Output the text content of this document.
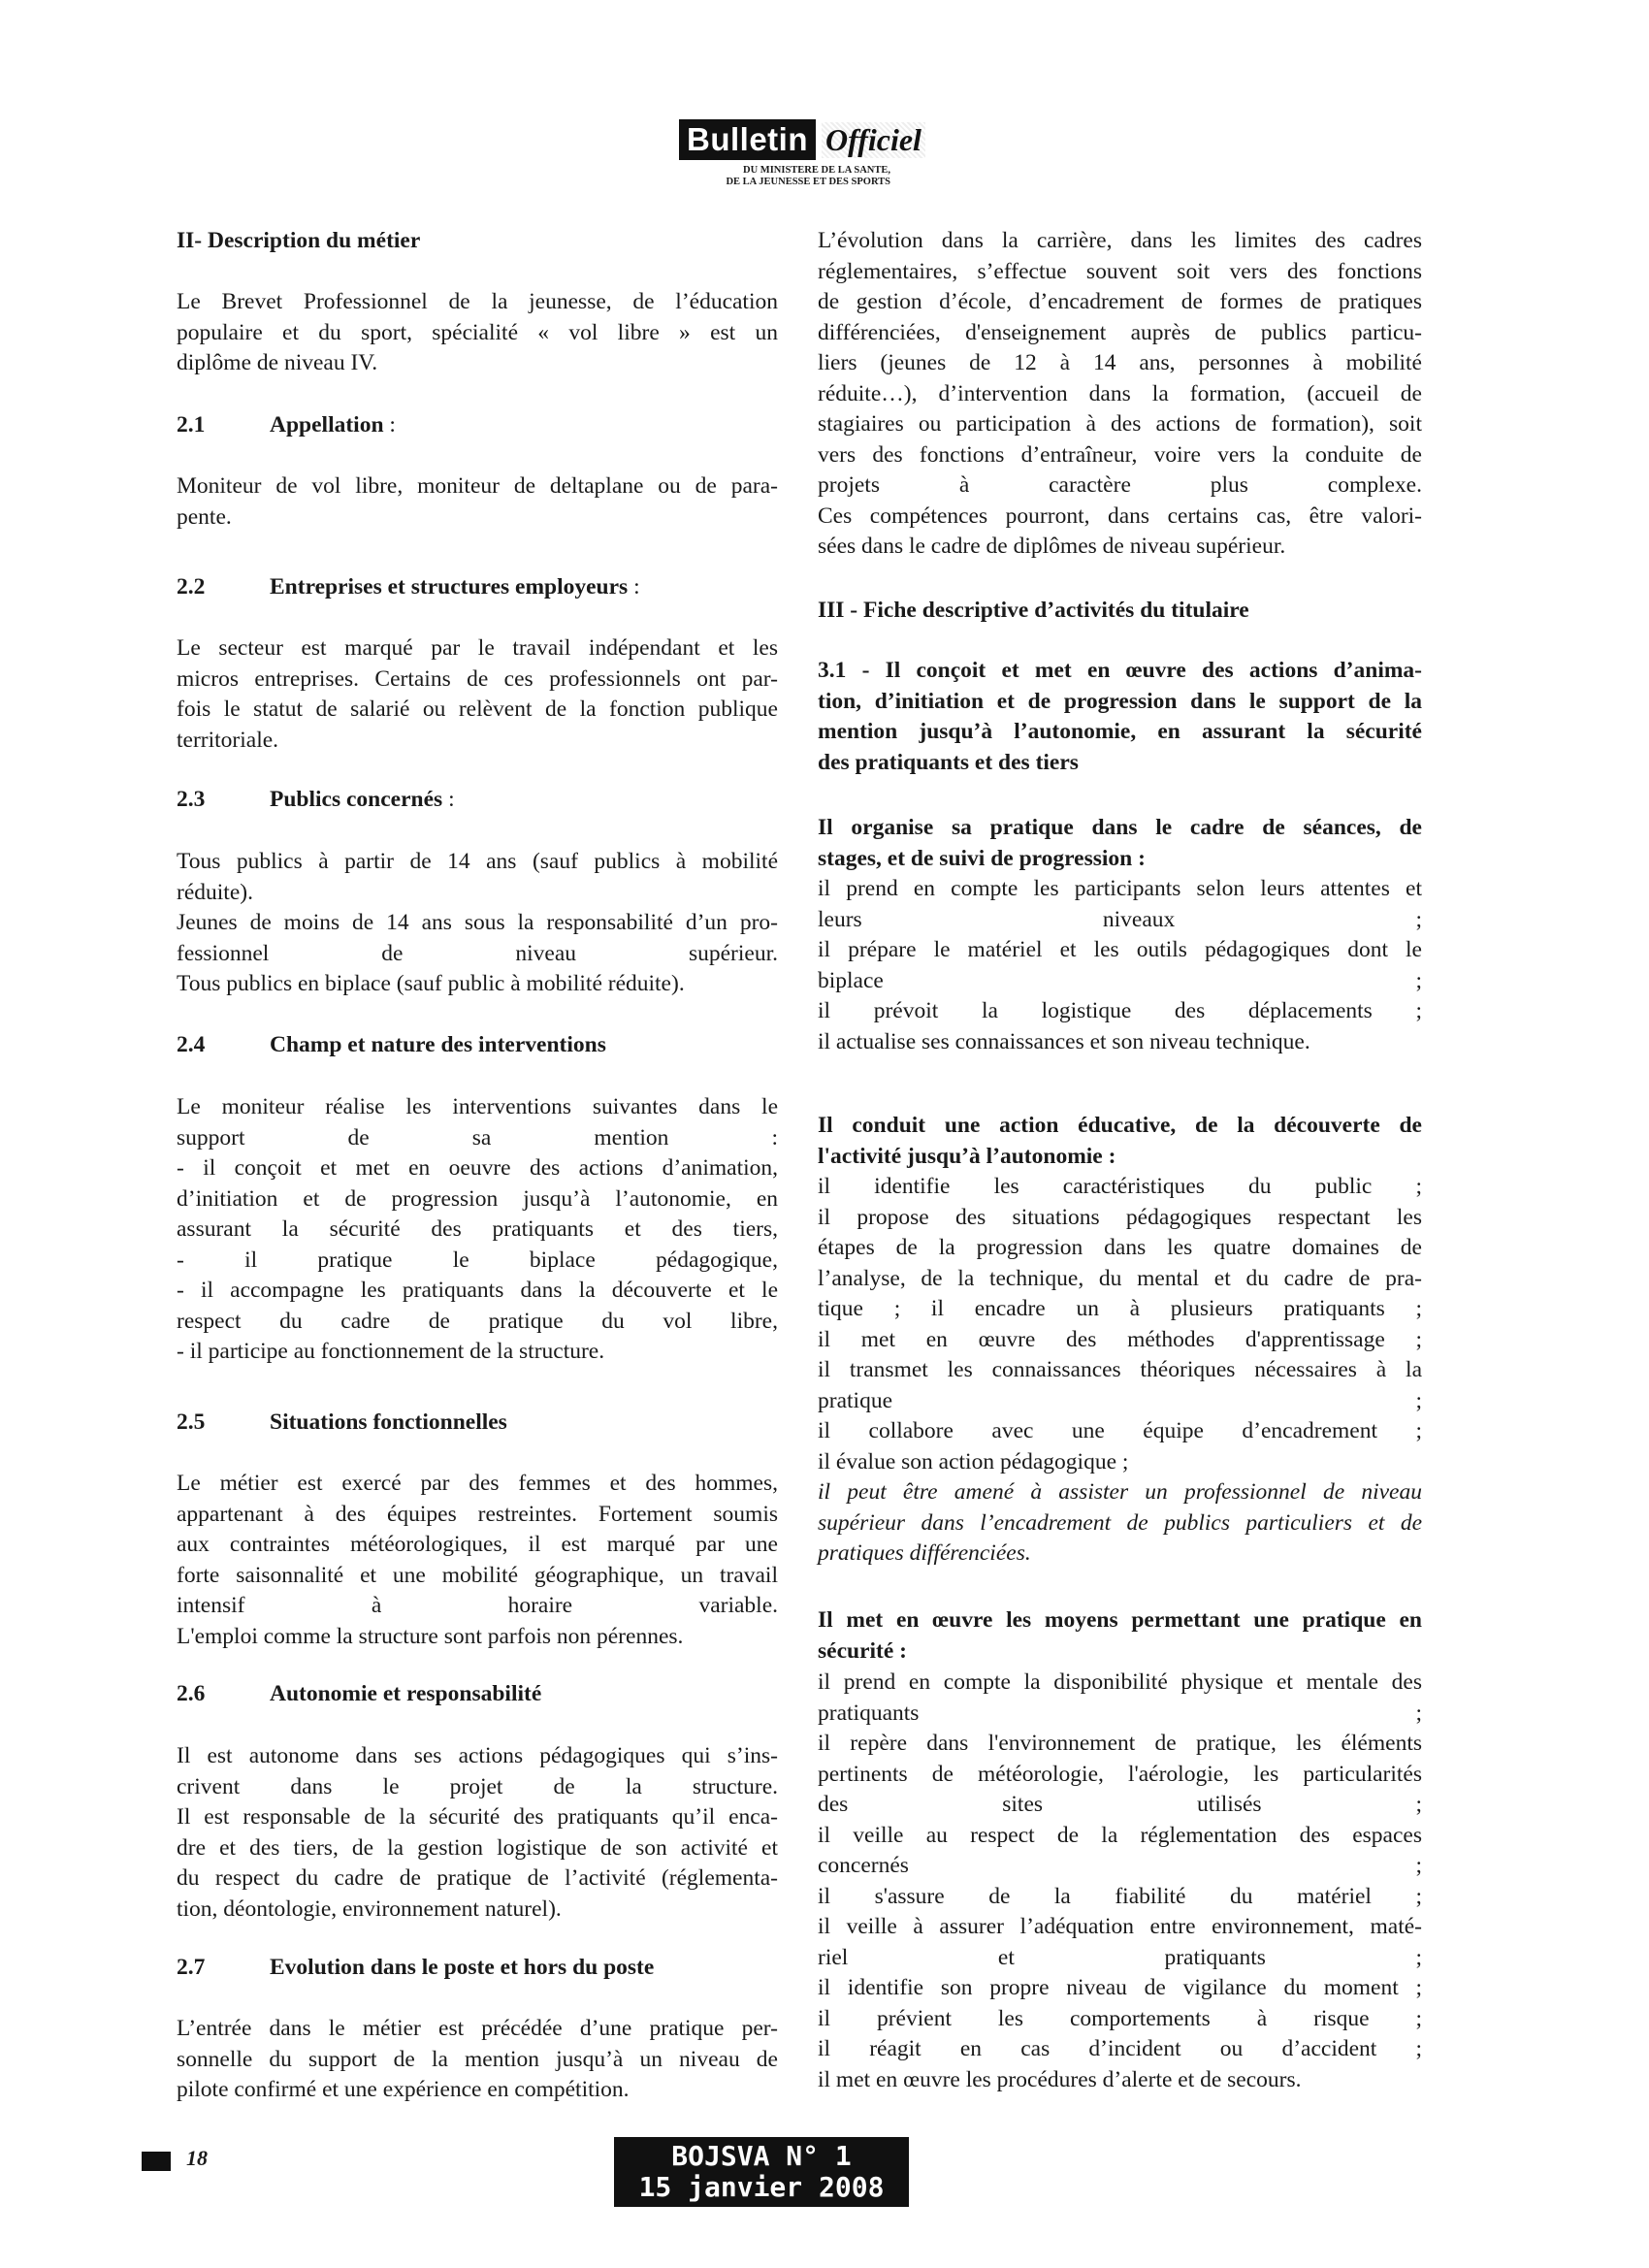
Bulletin Officiel
DU MINISTERE DE LA SANTE,
DE LA JEUNESSE ET DES SPORTS
II- Description du métier
Le Brevet Professionnel de la jeunesse, de l’éducation
populaire et du sport, spécialité « vol libre » est un
diplôme de niveau IV.
2.1	Appellation :
Moniteur de vol libre, moniteur de deltaplane ou de para-
pente.
2.2	Entreprises et structures employeurs :
Le secteur est marqué par le travail indépendant et les
micros entreprises. Certains de ces professionnels ont par-
fois le statut de salarié ou relèvent de la fonction publique
territoriale.
2.3	Publics concernés :
Tous publics à partir de 14 ans (sauf publics à mobilité
réduite).
Jeunes de moins de 14 ans sous la responsabilité d’un pro-
fessionnel de niveau supérieur.
Tous publics en biplace (sauf public à mobilité réduite).
2.4	Champ et nature des interventions
Le moniteur réalise les interventions suivantes dans le
support de sa mention :
- il conçoit et met en oeuvre des actions d’animation,
d’initiation et de progression jusqu’à l’autonomie, en
assurant la sécurité des pratiquants et des tiers,
- il pratique le biplace pédagogique,
- il accompagne les pratiquants dans la découverte et le
respect du cadre de pratique du vol libre,
- il participe au fonctionnement de la structure.
2.5	Situations fonctionnelles
Le métier est exercé par des femmes et des hommes,
appartenant à des équipes restreintes. Fortement soumis
aux contraintes météorologiques, il est marqué par une
forte saisonnalité et une mobilité géographique, un travail
intensif à horaire variable.
L'emploi comme la structure sont parfois non pérennes.
2.6	Autonomie et responsabilité
Il est autonome dans ses actions pédagogiques qui s’ins-
crivent dans le projet de la structure.
Il est responsable de la sécurité des pratiquants qu’il enca-
dre et des tiers, de la gestion logistique de son activité et
du respect du cadre de pratique de l’activité (réglementa-
tion, déontologie, environnement naturel).
2.7	Evolution dans le poste et hors du poste
L’entrée dans le métier est précédée d’une pratique per-
sonnelle du support de la mention jusqu’à un niveau de
pilote confirmé et une expérience en compétition.
L’évolution dans la carrière, dans les limites des cadres
réglementaires, s’effectue souvent soit vers des fonctions
de gestion d’école, d’encadrement de formes de pratiques
différenciées, d'enseignement auprès de publics particu-
liers (jeunes de 12 à 14 ans, personnes à mobilité
réduite…), d’intervention dans la formation, (accueil de
stagiaires ou participation à des actions de formation), soit
vers des fonctions d’entraîneur, voire vers la conduite de
projets à caractère plus complexe.
Ces compétences pourront, dans certains cas, être valori-
sées dans le cadre de diplômes de niveau supérieur.
III - Fiche descriptive d’activités du titulaire
3.1 - Il conçoit et met en œuvre des actions d’anima-
tion, d’initiation et de progression dans le support de la
mention jusqu’à l’autonomie, en assurant la sécurité
des pratiquants et des tiers
Il organise sa pratique dans le cadre de séances, de
stages, et de suivi de progression :
il prend en compte les participants selon leurs attentes et
leurs niveaux ;
il prépare le matériel et les outils pédagogiques dont le
biplace ;
il prévoit la logistique des déplacements ;
il actualise ses connaissances et son niveau technique.
Il conduit une action éducative, de la découverte de
l'activité jusqu’à l’autonomie :
il identifie les caractéristiques du public ;
il propose des situations pédagogiques respectant les
étapes de la progression dans les quatre domaines de
l’analyse, de la technique, du mental et du cadre de pra-
tique ; il encadre un à plusieurs pratiquants ;
il met en œuvre des méthodes d'apprentissage ;
il transmet les connaissances théoriques nécessaires à la
pratique ;
il collabore avec une équipe d’encadrement ;
il évalue son action pédagogique ;
il peut être amené à assister un professionnel de niveau
supérieur dans l’encadrement de publics particuliers et de
pratiques différenciées.
Il met en œuvre les moyens permettant une pratique en
sécurité :
il prend en compte la disponibilité physique et mentale des
pratiquants ;
il repère dans l'environnement de pratique, les éléments
pertinents de météorologie, l'aérologie, les particularités
des sites utilisés ;
il veille au respect de la réglementation des espaces
concernés ;
il s'assure de la fiabilité du matériel ;
il veille à assurer l’adéquation entre environnement, maté-
riel et pratiquants ;
il identifie son propre niveau de vigilance du moment ;
il prévient les comportements à risque ;
il réagit en cas d’incident ou d’accident ;
il met en œuvre les procédures d’alerte et de secours.
18	BOJSVA N° 1
15 janvier 2008
